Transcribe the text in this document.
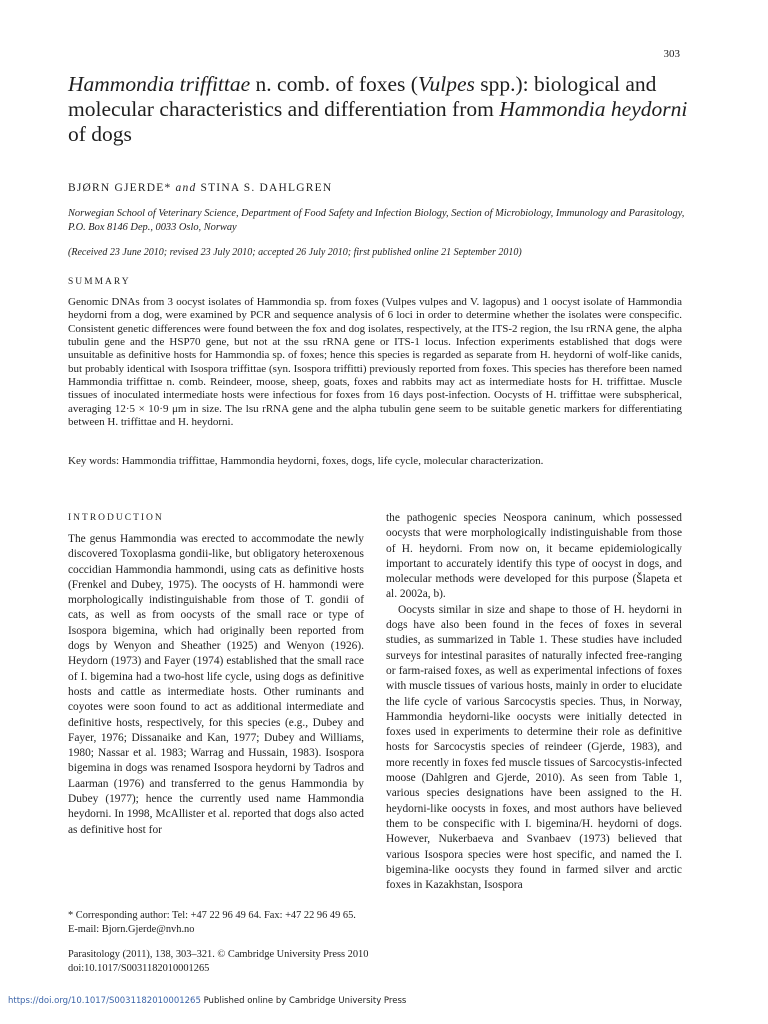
303
Hammondia triffittae n. comb. of foxes (Vulpes spp.): biological and molecular characteristics and differentiation from Hammondia heydorni of dogs
BJØRN GJERDE* and STINA S. DAHLGREN
Norwegian School of Veterinary Science, Department of Food Safety and Infection Biology, Section of Microbiology, Immunology and Parasitology, P.O. Box 8146 Dep., 0033 Oslo, Norway
(Received 23 June 2010; revised 23 July 2010; accepted 26 July 2010; first published online 21 September 2010)
SUMMARY

Genomic DNAs from 3 oocyst isolates of Hammondia sp. from foxes (Vulpes vulpes and V. lagopus) and 1 oocyst isolate of Hammondia heydorni from a dog, were examined by PCR and sequence analysis of 6 loci in order to determine whether the isolates were conspecific. Consistent genetic differences were found between the fox and dog isolates, respectively, at the ITS-2 region, the lsu rRNA gene, the alpha tubulin gene and the HSP70 gene, but not at the ssu rRNA gene or ITS-1 locus. Infection experiments established that dogs were unsuitable as definitive hosts for Hammondia sp. of foxes; hence this species is regarded as separate from H. heydorni of wolf-like canids, but probably identical with Isospora triffittae (syn. Isospora triffitti) previously reported from foxes. This species has therefore been named Hammondia triffittae n. comb. Reindeer, moose, sheep, goats, foxes and rabbits may act as intermediate hosts for H. triffittae. Muscle tissues of inoculated intermediate hosts were infectious for foxes from 16 days post-infection. Oocysts of H. triffittae were subspherical, averaging 12·5 × 10·9 μm in size. The lsu rRNA gene and the alpha tubulin gene seem to be suitable genetic markers for differentiating between H. triffittae and H. heydorni.

Key words: Hammondia triffittae, Hammondia heydorni, foxes, dogs, life cycle, molecular characterization.
INTRODUCTION

The genus Hammondia was erected to accommodate the newly discovered Toxoplasma gondii-like, but obligatory heteroxenous coccidian Hammondia hammondi, using cats as definitive hosts (Frenkel and Dubey, 1975). The oocysts of H. hammondi were morphologically indistinguishable from those of T. gondii of cats, as well as from oocysts of the small race or type of Isospora bigemina, which had originally been reported from dogs by Wenyon and Sheather (1925) and Wenyon (1926). Heydorn (1973) and Fayer (1974) established that the small race of I. bigemina had a two-host life cycle, using dogs as definitive hosts and cattle as intermediate hosts. Other ruminants and coyotes were soon found to act as additional intermediate and definitive hosts, respectively, for this species (e.g., Dubey and Fayer, 1976; Dissanaike and Kan, 1977; Dubey and Williams, 1980; Nassar et al. 1983; Warrag and Hussain, 1983). Isospora bigemina in dogs was renamed Isospora heydorni by Tadros and Laarman (1976) and transferred to the genus Hammondia by Dubey (1977); hence the currently used name Hammondia heydorni. In 1998, McAllister et al. reported that dogs also acted as definitive host for

the pathogenic species Neospora caninum, which possessed oocysts that were morphologically indistinguishable from those of H. heydorni. From now on, it became epidemiologically important to accurately identify this type of oocyst in dogs, and molecular methods were developed for this purpose (Šlapeta et al. 2002a, b).

Oocysts similar in size and shape to those of H. heydorni in dogs have also been found in the feces of foxes in several studies, as summarized in Table 1. These studies have included surveys for intestinal parasites of naturally infected free-ranging or farm-raised foxes, as well as experimental infections of foxes with muscle tissues of various hosts, mainly in order to elucidate the life cycle of various Sarcocystis species. Thus, in Norway, Hammondia heydorni-like oocysts were initially detected in foxes used in experiments to determine their role as definitive hosts for Sarcocystis species of reindeer (Gjerde, 1983), and more recently in foxes fed muscle tissues of Sarcocystis-infected moose (Dahlgren and Gjerde, 2010). As seen from Table 1, various species designations have been assigned to the H. heydorni-like oocysts in foxes, and most authors have believed them to be conspecific with I. bigemina/H. heydorni of dogs. However, Nukerbaeva and Svanbaev (1973) believed that various Isospora species were host specific, and named the I. bigemina-like oocysts they found in farmed silver and arctic foxes in Kazakhstan, Isospora

* Corresponding author: Tel: +47 22 96 49 64. Fax: +47 22 96 49 65. E-mail: Bjorn.Gjerde@nvh.no
Parasitology (2011), 138, 303–321. © Cambridge University Press 2010
doi:10.1017/S0031182010001265
https://doi.org/10.1017/S0031182010001265 Published online by Cambridge University Press
